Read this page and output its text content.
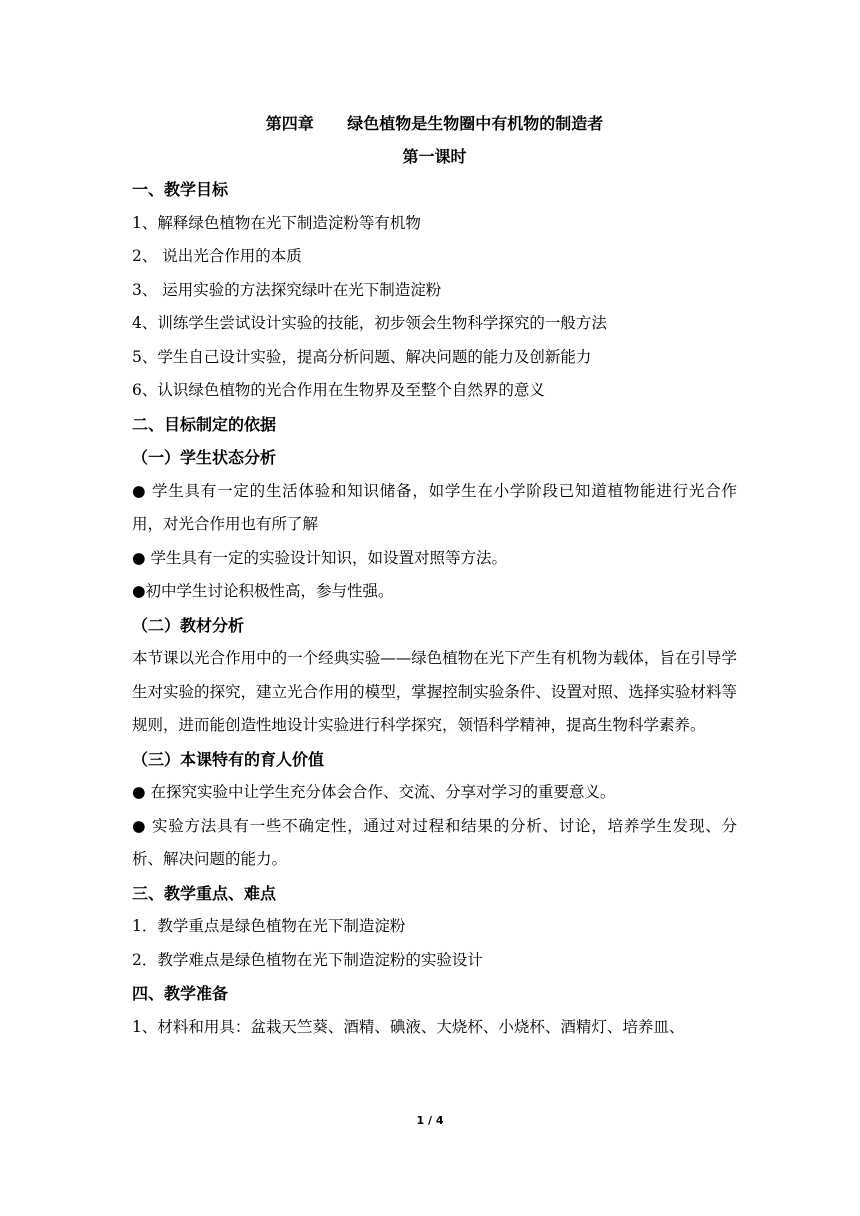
第四章      绿色植物是生物圈中有机物的制造者
第一课时
一、教学目标
1、解释绿色植物在光下制造淀粉等有机物
2、 说出光合作用的本质
3、 运用实验的方法探究绿叶在光下制造淀粉
4、训练学生尝试设计实验的技能，初步领会生物科学探究的一般方法
5、学生自己设计实验，提高分析问题、解决问题的能力及创新能力
6、认识绿色植物的光合作用在生物界及至整个自然界的意义
二、目标制定的依据
（一）学生状态分析
● 学生具有一定的生活体验和知识储备，如学生在小学阶段已知道植物能进行光合作用，对光合作用也有所了解
● 学生具有一定的实验设计知识，如设置对照等方法。
●初中学生讨论积极性高，参与性强。
（二）教材分析
本节课以光合作用中的一个经典实验——绿色植物在光下产生有机物为载体，旨在引导学生对实验的探究，建立光合作用的模型，掌握控制实验条件、设置对照、选择实验材料等规则，进而能创造性地设计实验进行科学探究，领悟科学精神，提高生物科学素养。
（三）本课特有的育人价值
● 在探究实验中让学生充分体会合作、交流、分享对学习的重要意义。
● 实验方法具有一些不确定性，通过对过程和结果的分析、讨论，培养学生发现、分析、解决问题的能力。
三、教学重点、难点
1．教学重点是绿色植物在光下制造淀粉
2．教学难点是绿色植物在光下制造淀粉的实验设计
四、教学准备
1、材料和用具：盆栽天竺葵、酒精、碘液、大烧杯、小烧杯、酒精灯、培养皿、
1 / 4
